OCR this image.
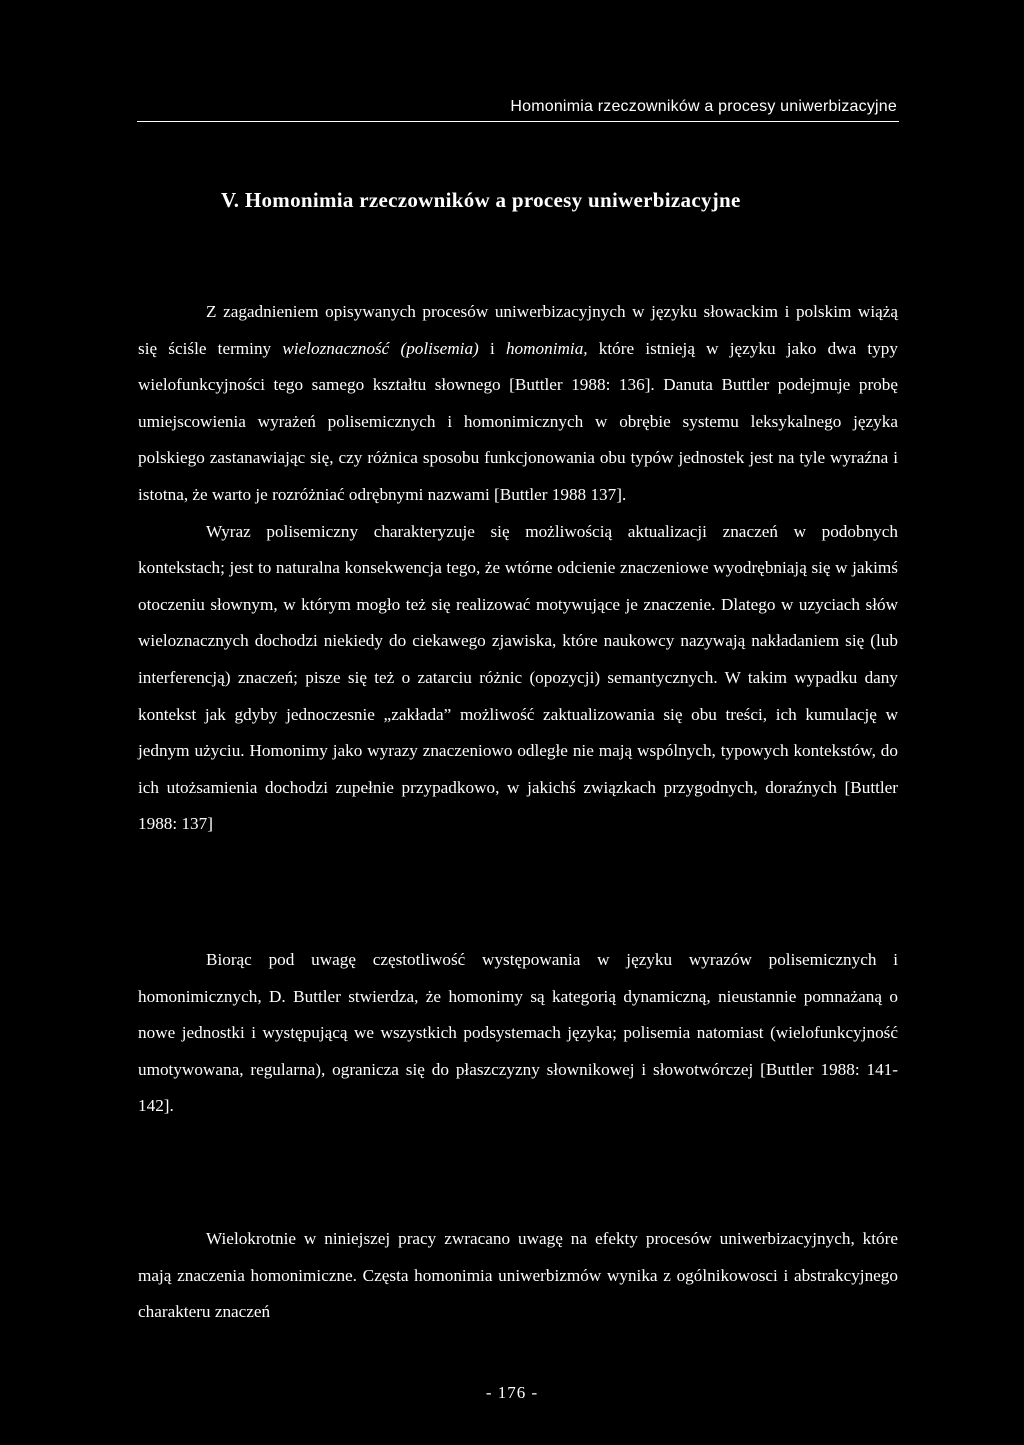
Homonimia rzeczowników a procesy uniwerbizacyjne
V. Homonimia rzeczowników a procesy uniwerbizacyjne

Z zagadnieniem opisywanych procesów uniwerbizacyjnych w języku słowackim i polskim wiążą się ściśle terminy wieloznaczność (polisemia) i homonimia, które istnieją w języku jako dwa typy wielofunkcyjności tego samego kształtu słownego [Buttler 1988: 136]. Danuta Buttler podejmuje probę umiejscowienia wyrażeń polisemicznych i homonimicznych w obrębie systemu leksykalnego języka polskiego zastanawiając się, czy różnica sposobu funkcjonowania obu typów jednostek jest na tyle wyraźna i istotna, że warto je rozróżniać odrębnymi nazwami [Buttler 1988 137].

Wyraz polisemiczny charakteryzuje się możliwością aktualizacji znaczeń w podobnych kontekstach; jest to naturalna konsekwencja tego, że wtórne odcienie znaczeniowe wyodrębniają się w jakimś otoczeniu słownym, w którym mogło też się realizować motywujące je znaczenie. Dlatego w uzyciach słów wieloznacznych dochodzi niekiedy do ciekawego zjawiska, które naukowcy nazywają nakładaniem się (lub interferencją) znaczeń; pisze się też o zatarciu różnic (opozycji) semantycznych. W takim wypadku dany kontekst jak gdyby jednoczesnie „zakłada” możliwość zaktualizowania się obu treści, ich kumulację w jednym użyciu. Homonimy jako wyrazy znaczeniowo odległe nie mają wspólnych, typowych kontekstów, do ich utożsamienia dochodzi zupełnie przypadkowo, w jakichś związkach przygodnych, doraźnych [Buttler 1988: 137]

Biorąc pod uwagę częstotliwość występowania w języku wyrazów polisemicznych i homonimicznych, D. Buttler stwierdza, że homonimy są kategorią dynamiczną, nieustannie pomnażaną o nowe jednostki i występującą we wszystkich podsystemach języka; polisemia natomiast (wielofunkcyjność umotywowana, regularna), ogranicza się do płaszczyzny słownikowej i słowotwórczej [Buttler 1988: 141-142].

Wielokrotnie w niniejszej pracy zwracano uwagę na efekty procesów uniwerbizacyjnych, które mają znaczenia homonimiczne. Częsta homonimia uniwerbizmów wynika z ogólnikowosci i abstrakcyjnego charakteru znaczeń

- 176 -
